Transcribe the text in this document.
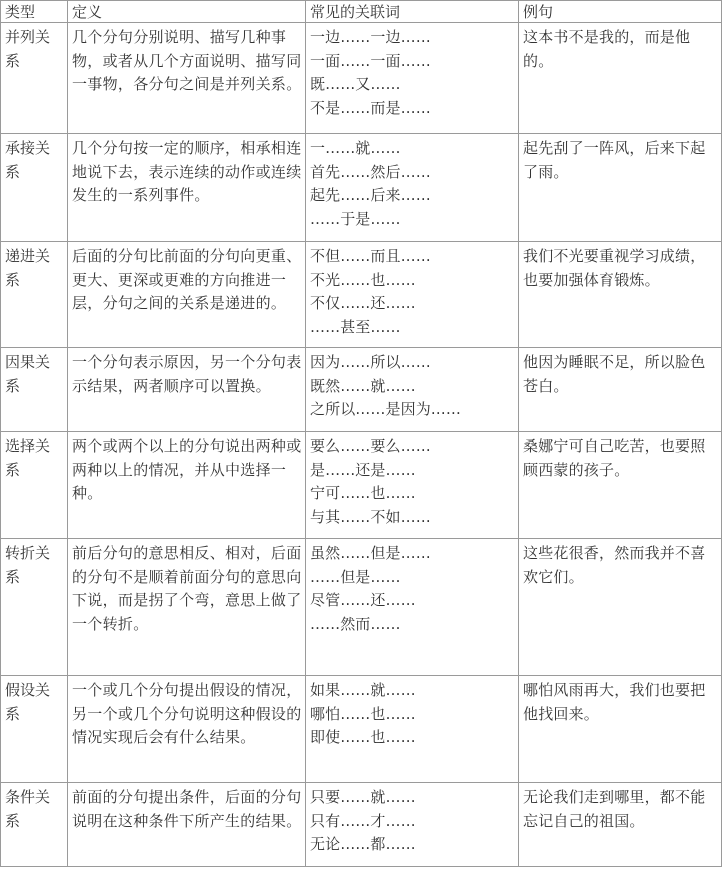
类型	定义	常见的关联词	例句
并列关系	几个分句分别说明、描写几种事物，或者从几个方面说明、描写同一事物，各分句之间是并列关系。	一边……一边……
一面……一面……
既……又……
不是……而是……	这本书不是我的，而是他的。
承接关系	几个分句按一定的顺序，相承相连地说下去，表示连续的动作或连续发生的一系列事件。	一……就……
首先……然后……
起先……后来……
……于是……	起先刮了一阵风，后来下起了雨。
递进关系	后面的分句比前面的分句向更重、更大、更深或更难的方向推进一层，分句之间的关系是递进的。	不但……而且……
不光……也……
不仅……还……
……甚至……	我们不光要重视学习成绩，也要加强体育锻炼。
因果关系	一个分句表示原因，另一个分句表示结果，两者顺序可以置换。	因为……所以……
既然……就……
之所以……是因为……	他因为睡眠不足，所以脸色苍白。
选择关系	两个或两个以上的分句说出两种或两种以上的情况，并从中选择一种。	要么……要么……
是……还是……
宁可……也……
与其……不如……	桑娜宁可自己吃苦，也要照顾西蒙的孩子。
转折关系	前后分句的意思相反、相对，后面的分句不是顺着前面分句的意思向下说，而是拐了个弯，意思上做了一个转折。	虽然……但是……
……但是……
尽管……还……
……然而……	这些花很香，然而我并不喜欢它们。
假设关系	一个或几个分句提出假设的情况，另一个或几个分句说明这种假设的情况实现后会有什么结果。	如果……就……
哪怕……也……
即使……也……	哪怕风雨再大，我们也要把他找回来。
条件关系	前面的分句提出条件，后面的分句说明在这种条件下所产生的结果。	只要……就……
只有……才……
无论……都……	无论我们走到哪里，都不能忘记自己的祖国。
